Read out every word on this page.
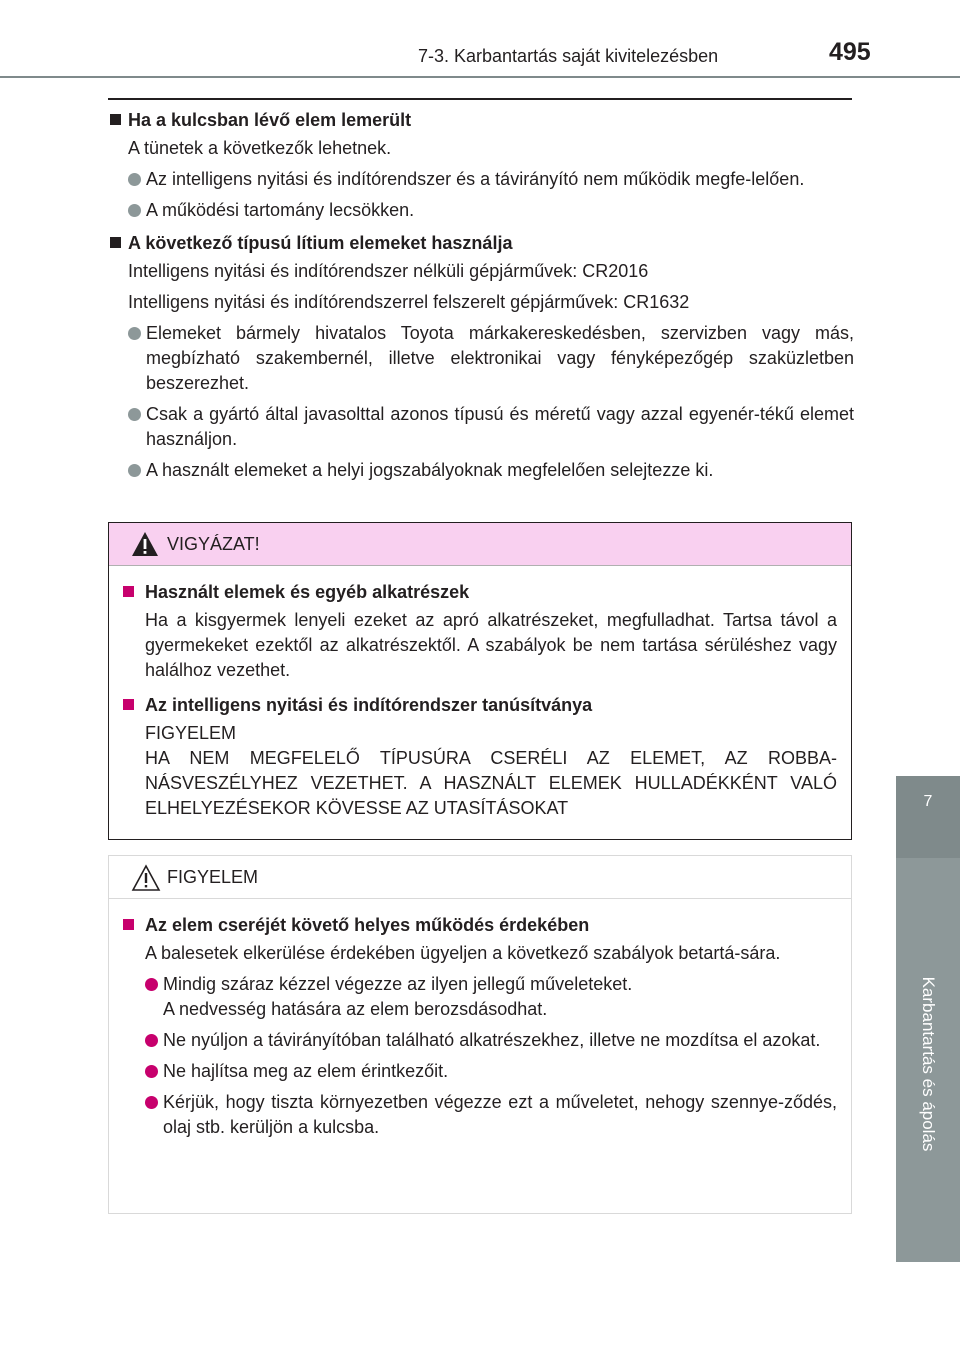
7-3. Karbantartás saját kivitelezésben	495
7
Karbantartás és ápolás
Ha a kulcsban lévő elem lemerült
A tünetek a következők lehetnek.
Az intelligens nyitási és indítórendszer és a távirányító nem működik megfe-lelően.
A működési tartomány lecsökken.
A következő típusú lítium elemeket használja
Intelligens nyitási és indítórendszer nélküli gépjárművek: CR2016
Intelligens nyitási és indítórendszerrel felszerelt gépjárművek: CR1632
Elemeket bármely hivatalos Toyota márkakereskedésben, szervizben vagy más, megbízható szakembernél, illetve elektronikai vagy fényképezőgép szaküzletben beszerezhet.
Csak a gyártó által javasolttal azonos típusú és méretű vagy azzal egyenér-tékű elemet használjon.
A használt elemeket a helyi jogszabályoknak megfelelően selejtezze ki.
VIGYÁZAT!
Használt elemek és egyéb alkatrészek
Ha a kisgyermek lenyeli ezeket az apró alkatrészeket, megfulladhat. Tartsa távol a gyermekeket ezektől az alkatrészektől. A szabályok be nem tartása sérüléshez vagy halálhoz vezethet.
Az intelligens nyitási és indítórendszer tanúsítványa
FIGYELEM
HA NEM MEGFELELŐ TÍPUSÚRA CSERÉLI AZ ELEMET, AZ ROBBA-NÁSVESZÉLYHEZ VEZETHET. A HASZNÁLT ELEMEK HULLADÉKKÉNT VALÓ ELHELYEZÉSEKOR KÖVESSE AZ UTASÍTÁSOKAT
FIGYELEM
Az elem cseréjét követő helyes működés érdekében
A balesetek elkerülése érdekében ügyeljen a következő szabályok betartá-sára.
Mindig száraz kézzel végezze az ilyen jellegű műveleteket.
A nedvesség hatására az elem berozsdásodhat.
Ne nyúljon a távirányítóban található alkatrészekhez, illetve ne mozdítsa el azokat.
Ne hajlítsa meg az elem érintkezőit.
Kérjük, hogy tiszta környezetben végezze ezt a műveletet, nehogy szennye-ződés, olaj stb. kerüljön a kulcsba.
